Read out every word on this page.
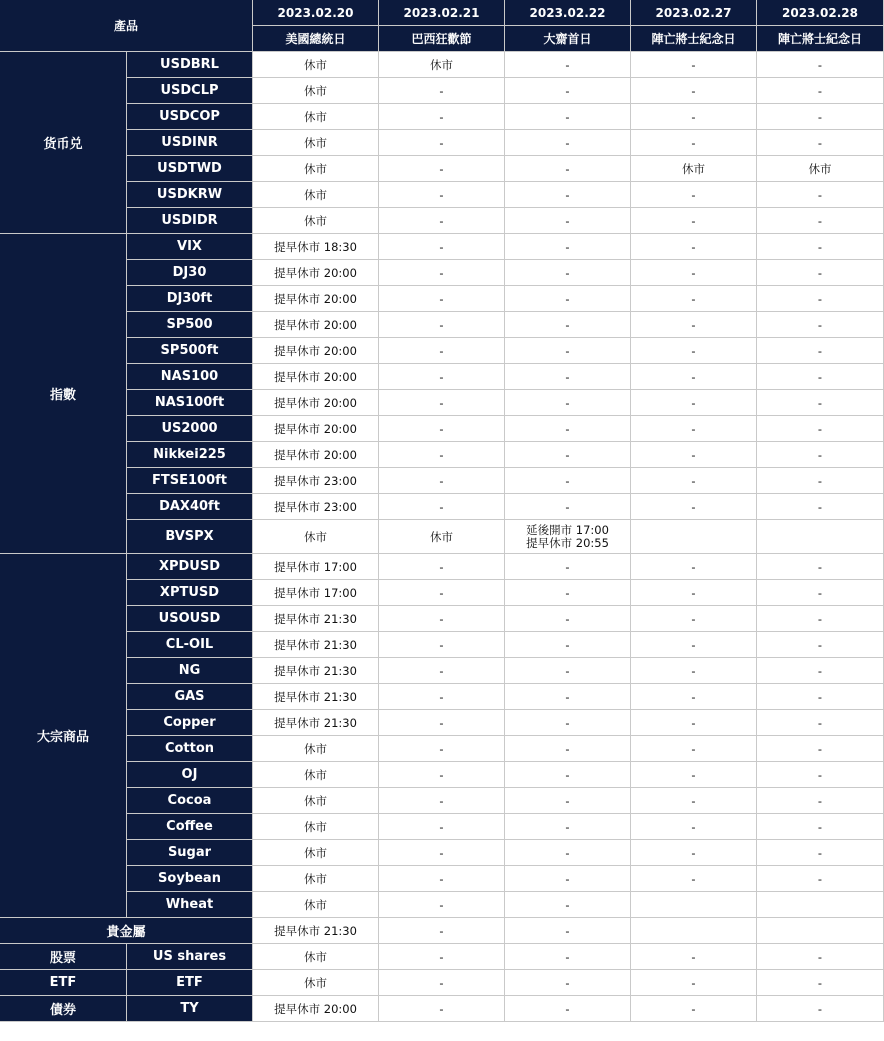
產品
2023.02.20	2023.02.21	2023.02.22	2023.02.27	2023.02.28
美國總統日	巴西狂歡節	大齋首日	陣亡將士紀念日	陣亡將士紀念日
货币兑
USDBRL	休市	休市	-	-	-
USDCLP	休市	-	-	-	-
USDCOP	休市	-	-	-	-
USDINR	休市	-	-	-	-
USDTWD	休市	-	-	休市	休市
USDKRW	休市	-	-	-	-
USDIDR	休市	-	-	-	-
指數
VIX	提早休市 18:30	-	-	-	-
DJ30	提早休市 20:00	-	-	-	-
DJ30ft	提早休市 20:00	-	-	-	-
SP500	提早休市 20:00	-	-	-	-
SP500ft	提早休市 20:00	-	-	-	-
NAS100	提早休市 20:00	-	-	-	-
NAS100ft	提早休市 20:00	-	-	-	-
US2000	提早休市 20:00	-	-	-	-
Nikkei225	提早休市 20:00	-	-	-	-
FTSE100ft	提早休市 23:00	-	-	-	-
DAX40ft	提早休市 23:00	-	-	-	-
BVSPX	休市	休市	延後開市 17:00
提早休市 20:55
大宗商品
XPDUSD	提早休市 17:00	-	-	-	-
XPTUSD	提早休市 17:00	-	-	-	-
USOUSD	提早休市 21:30	-	-	-	-
CL-OIL	提早休市 21:30	-	-	-	-
NG	提早休市 21:30	-	-	-	-
GAS	提早休市 21:30	-	-	-	-
Copper	提早休市 21:30	-	-	-	-
Cotton	休市	-	-	-	-
OJ	休市	-	-	-	-
Cocoa	休市	-	-	-	-
Coffee	休市	-	-	-	-
Sugar	休市	-	-	-	-
Soybean	休市	-	-	-	-
Wheat	休市	-	-
貴金屬	提早休市 21:30	-	-
股票	US shares	休市	-	-	-	-
ETF	ETF	休市	-	-	-	-
債券	TY	提早休市 20:00	-	-	-	-
